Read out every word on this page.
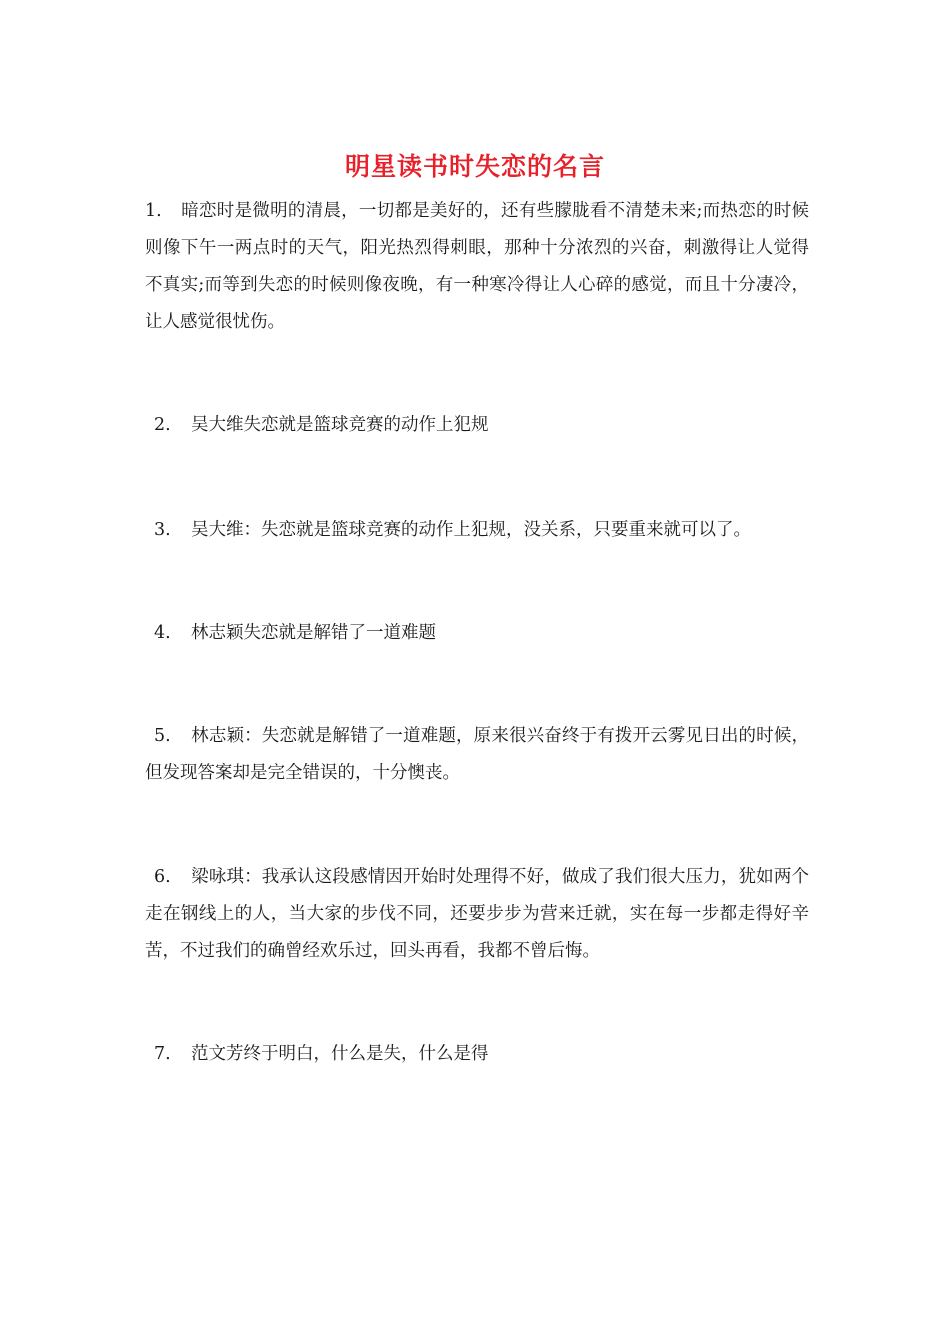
明星读书时失恋的名言
1. 暗恋时是微明的清晨，一切都是美好的，还有些朦胧看不清楚未来;而热恋的时候则像下午一两点时的天气，阳光热烈得刺眼，那种十分浓烈的兴奋，刺激得让人觉得不真实;而等到失恋的时候则像夜晚，有一种寒冷得让人心碎的感觉，而且十分凄冷，让人感觉很忧伤。
2. 吴大维失恋就是篮球竞赛的动作上犯规
3. 吴大维：失恋就是篮球竞赛的动作上犯规，没关系，只要重来就可以了。
4. 林志颖失恋就是解错了一道难题
5. 林志颖：失恋就是解错了一道难题，原来很兴奋终于有拨开云雾见日出的时候，但发现答案却是完全错误的，十分懊丧。
6. 梁咏琪：我承认这段感情因开始时处理得不好，做成了我们很大压力，犹如两个走在钢线上的人，当大家的步伐不同，还要步步为营来迁就，实在每一步都走得好辛苦，不过我们的确曾经欢乐过，回头再看，我都不曾后悔。
7. 范文芳终于明白，什么是失，什么是得
